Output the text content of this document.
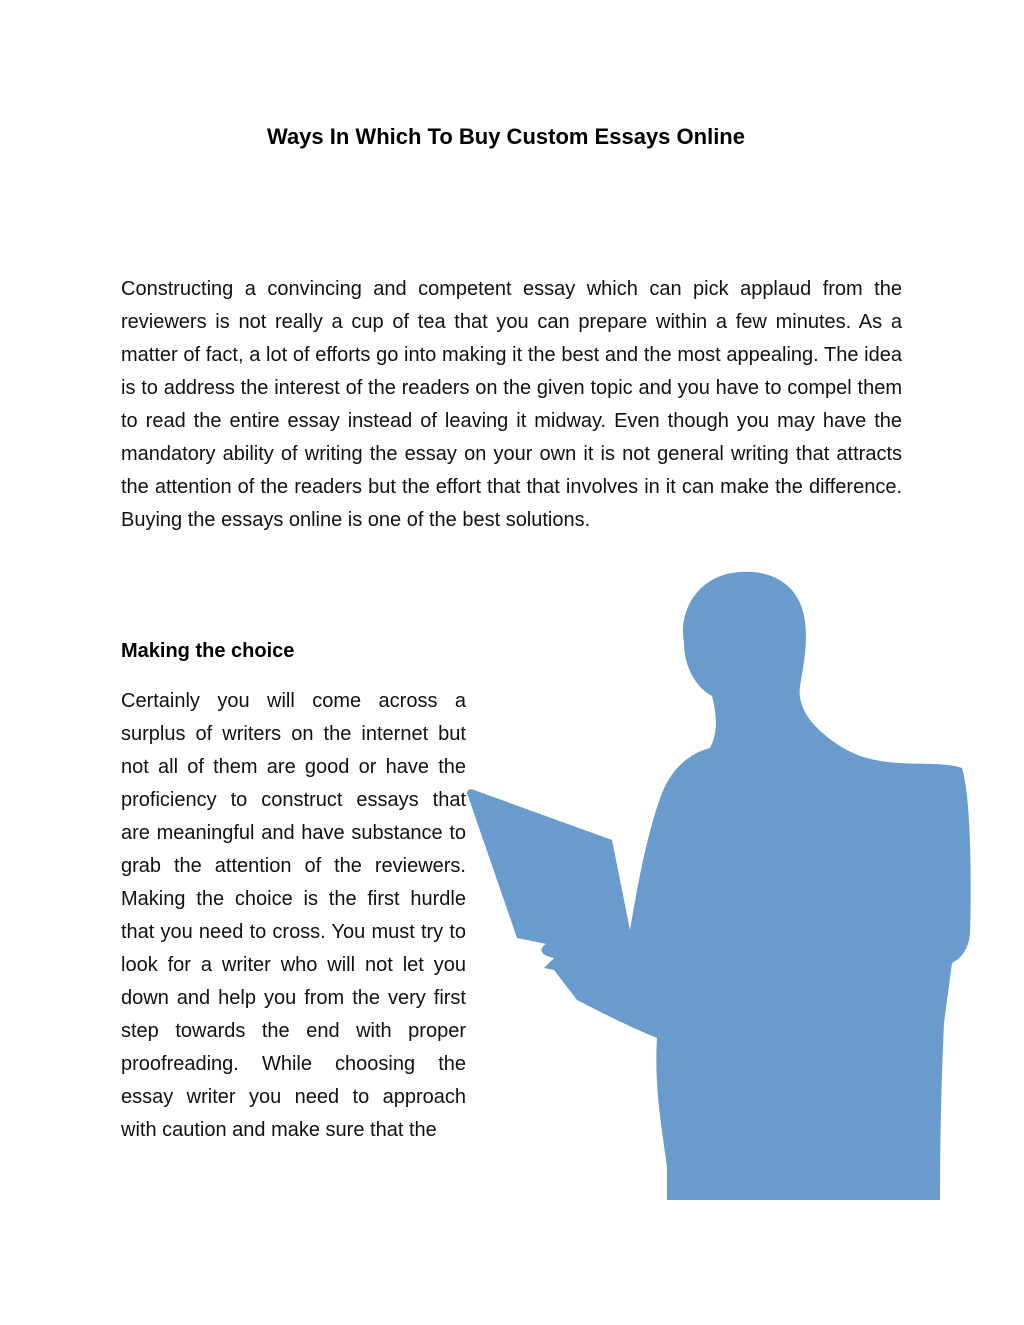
Ways In Which To Buy Custom Essays Online

Constructing a convincing and competent essay which can pick applaud from the reviewers is not really a cup of tea that you can prepare within a few minutes. As a matter of fact, a lot of efforts go into making it the best and the most appealing. The idea is to address the interest of the readers on the given topic and you have to compel them to read the entire essay instead of leaving it midway. Even though you may have the mandatory ability of writing the essay on your own it is not general writing that attracts the attention of the readers but the effort that that involves in it can make the difference. Buying the essays online is one of the best solutions.

Making the choice

Certainly you will come across a surplus of writers on the internet but not all of them are good or have the proficiency to construct essays that are meaningful and have substance to grab the attention of the reviewers. Making the choice is the first hurdle that you need to cross. You must try to look for a writer who will not let you down and help you from the very first step towards the end with proper proofreading. While choosing the essay writer you need to approach with caution and make sure that the
